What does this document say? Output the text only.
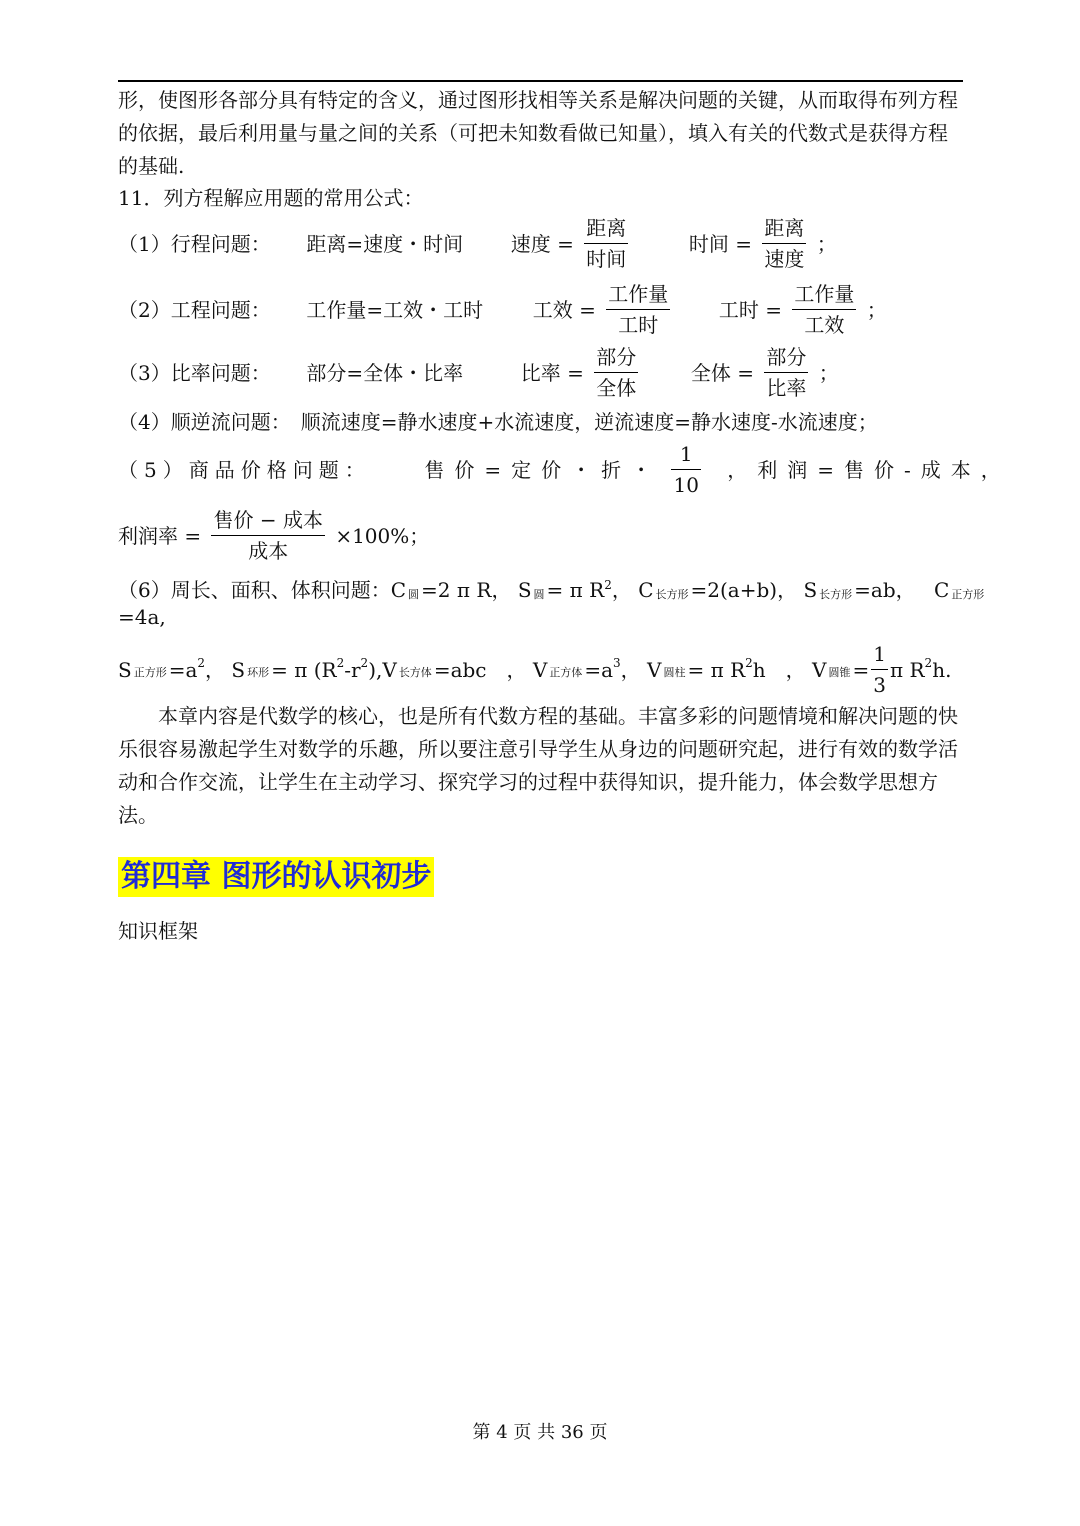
形，使图形各部分具有特定的含义，通过图形找相等关系是解决问题的关键，从而取得布列方程的依据，最后利用量与量之间的关系（可把未知数看做已知量），填入有关的代数式是获得方程的基础.

11．列方程解应用题的常用公式：
（1）行程问题： 距离=速度・时间 速度 = $\frac{\text{距离}}{\text{时间}}$	时间 = $\frac{\text{距离}}{\text{速度}}$ ；
（2）工程问题： 工作量=工效・工时 工效 = $\frac{\text{工作量}}{\text{工时}}$ 工时 = $\frac{\text{工作量}}{\text{工效}}$ ；
（3）比率问题： 部分=全体・比率	比率 = $\frac{\text{部分}}{\text{全体}}$	全体 = $\frac{\text{部分}}{\text{比率}}$ ；
（4）顺逆流问题：　顺流速度=静水速度+水流速度，逆流速度=静水速度-水流速度；
（5）商品价格问题：	售价=定价・折・ $\frac{1}{10}$ ，利润=售价-成本，
利润率 = $\frac{\text{售价 − 成本}}{\text{成本}} \times 100\%$；
（6）周长、面积、体积问题：C $_圆$ =2 π R， S $_圆$ = π $R^2$， C $_{长方形}$ =2(a+b)， S $_{长方形}$ =ab， C $_{正方形}$
=4a,
S $_{正方形} =a^2$， S $_{环形}$ = π $(R^2-r^2),V$ $_{长方体}$ =abc　， V $_{正方体} =a^3$， V $_{圆柱}$ = π $R^2h$　， V $_{圆锥} = \frac{1}{3}$ π $R^2h$.

本章内容是代数学的核心，也是所有代数方程的基础。丰富多彩的问题情境和解决问题的快乐很容易激起学生对数学的乐趣，所以要注意引导学生从身边的问题研究起，进行有效的数学活动和合作交流，让学生在主动学习、探究学习的过程中获得知识，提升能力，体会数学思想方法。

第四章 图形的认识初步
知识框架
第 4 页 共 36 页
